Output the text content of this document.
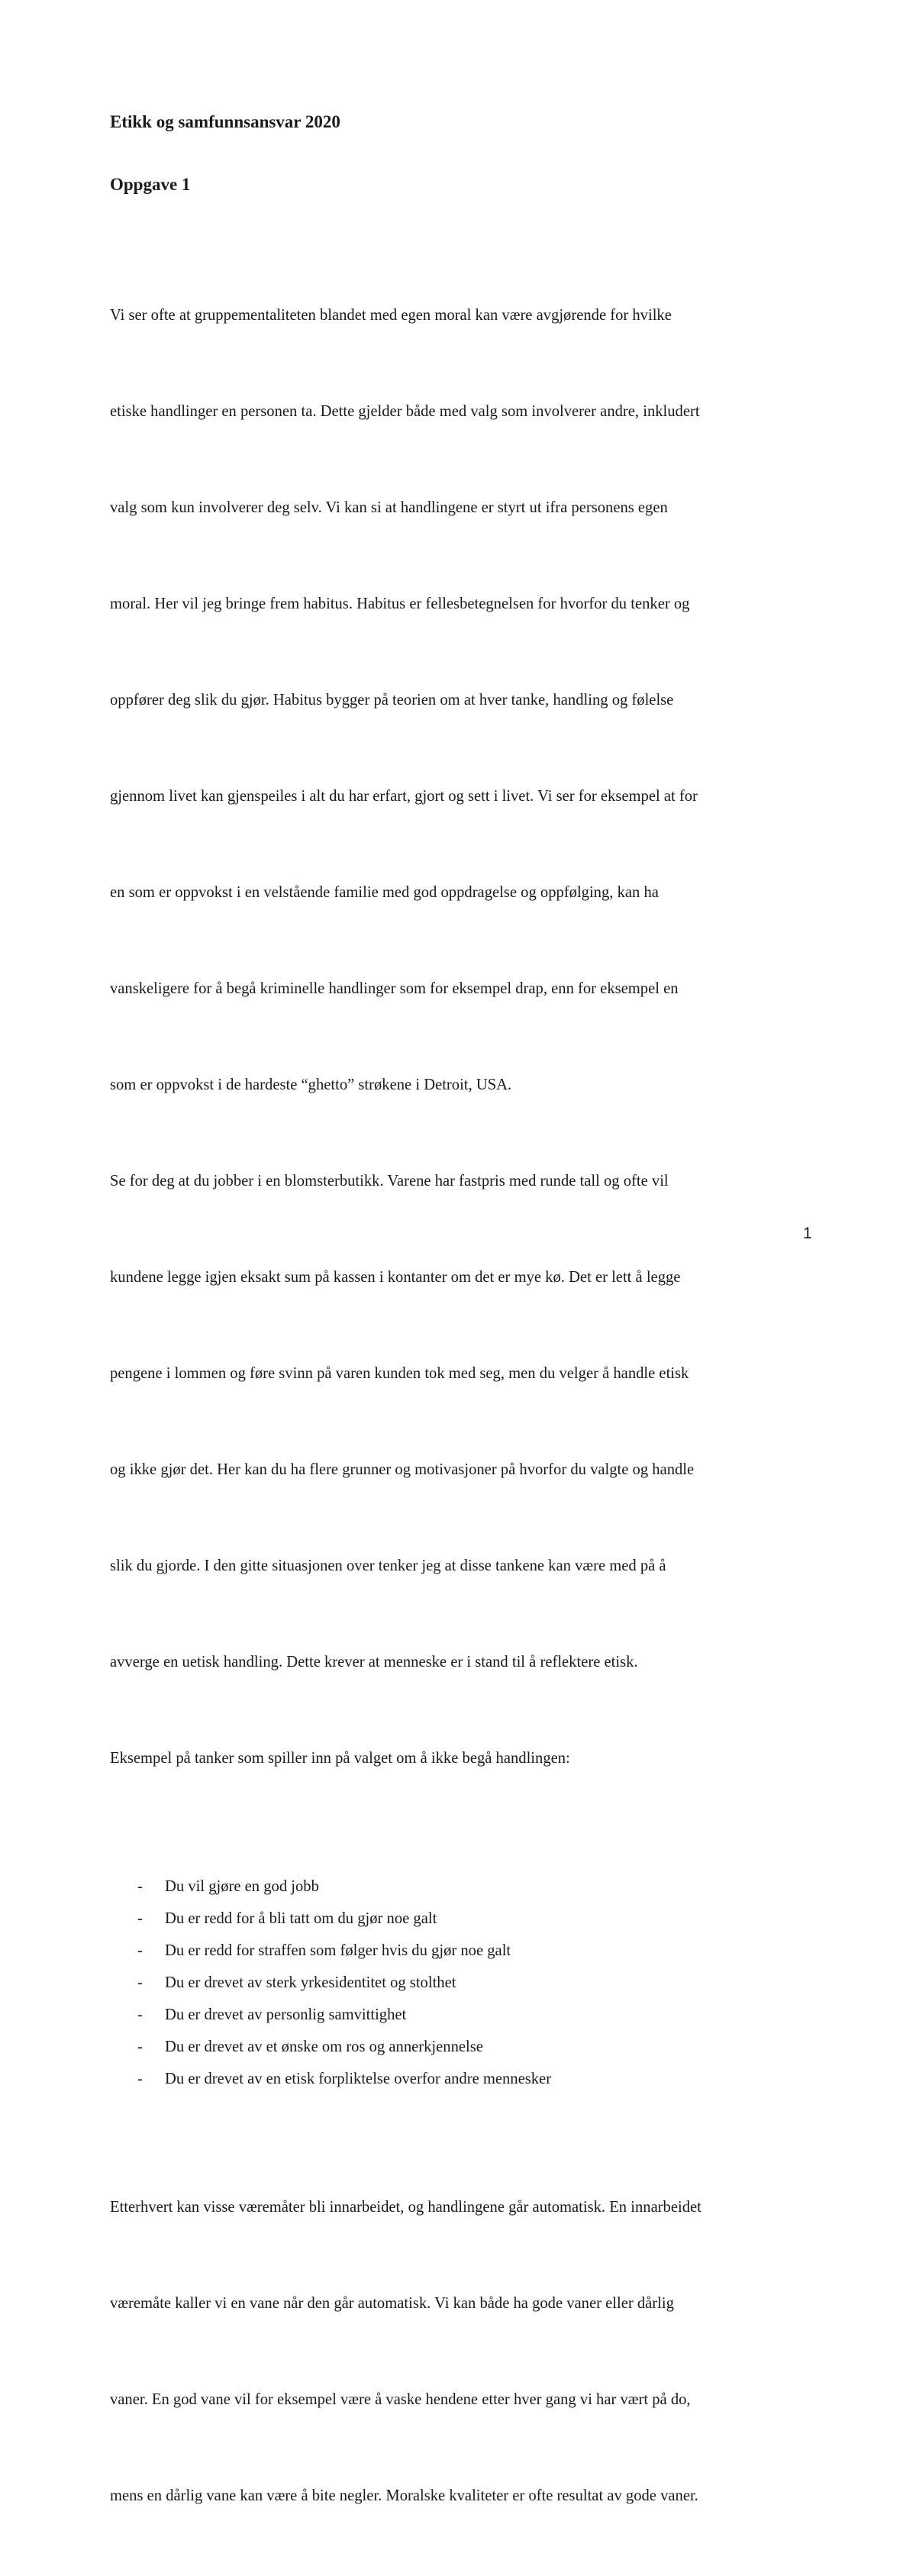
Etikk og samfunnsansvar 2020
Oppgave 1

Vi ser ofte at gruppementaliteten blandet med egen moral kan være avgjørende for hvilke

etiske handlinger en personen ta. Dette gjelder både med valg som involverer andre, inkludert

valg som kun involverer deg selv. Vi kan si at handlingene er styrt ut ifra personens egen

moral. Her vil jeg bringe frem habitus. Habitus er fellesbetegnelsen for hvorfor du tenker og

oppfører deg slik du gjør. Habitus bygger på teorien om at hver tanke, handling og følelse

gjennom livet kan gjenspeiles i alt du har erfart, gjort og sett i livet. Vi ser for eksempel at for

en som er oppvokst i en velstående familie med god oppdragelse og oppfølging, kan ha

vanskeligere for å begå kriminelle handlinger som for eksempel drap, enn for eksempel en

som er oppvokst i de hardeste “ghetto” strøkene i Detroit, USA.

Se for deg at du jobber i en blomsterbutikk. Varene har fastpris med runde tall og ofte vil

kundene legge igjen eksakt sum på kassen i kontanter om det er mye kø. Det er lett å legge

pengene i lommen og føre svinn på varen kunden tok med seg, men du velger å handle etisk

og ikke gjør det. Her kan du ha flere grunner og motivasjoner på hvorfor du valgte og handle

slik du gjorde. I den gitte situasjonen over tenker jeg at disse tankene kan være med på å

avverge en uetisk handling. Dette krever at menneske er i stand til å reflektere etisk.

Eksempel på tanker som spiller inn på valget om å ikke begå handlingen:

- Du vil gjøre en god jobb
- Du er redd for å bli tatt om du gjør noe galt
- Du er redd for straffen som følger hvis du gjør noe galt
- Du er drevet av sterk yrkesidentitet og stolthet
- Du er drevet av personlig samvittighet
- Du er drevet av et ønske om ros og annerkjennelse
- Du er drevet av en etisk forpliktelse overfor andre mennesker

Etterhvert kan visse væremåter bli innarbeidet, og handlingene går automatisk. En innarbeidet

væremåte kaller vi en vane når den går automatisk. Vi kan både ha gode vaner eller dårlig

vaner. En god vane vil for eksempel være å vaske hendene etter hver gang vi har vært på do,

mens en dårlig vane kan være å bite negler. Moralske kvaliteter er ofte resultat av gode vaner.

1
